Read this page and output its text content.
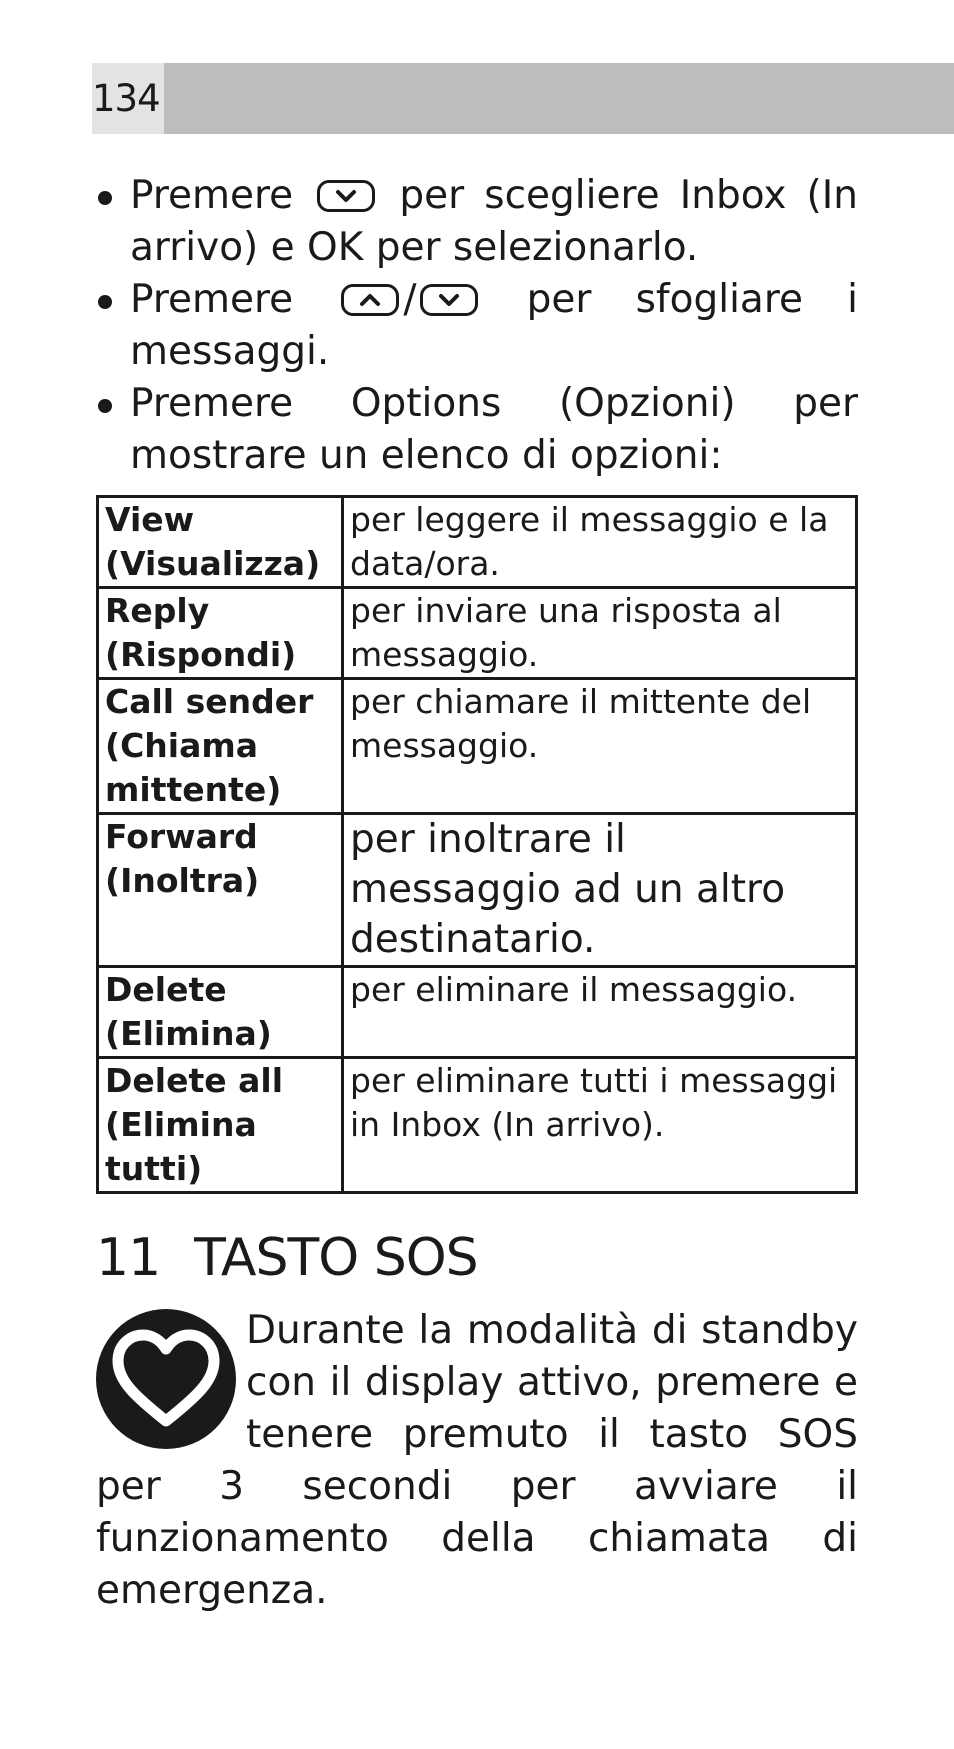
134
Premere
per scegliere Inbox (In arrivo) e OK per selezionarlo.
Premere	/
per sfogliare i messaggi.
Premere Options (Opzioni) per mostrare un elenco di opzioni:
View (Visualizza)	per leggere il messaggio e la data/ora.
Reply (Rispondi)	per inviare una risposta al messaggio.
Call sender (Chiama mittente)	per chiamare il mittente del messaggio.
Forward (Inoltra)	per inoltrare il messaggio ad un altro destinatario.
Delete (Elimina)	per eliminare il messaggio.
Delete all (Elimina tutti)	per eliminare tutti i messaggi in Inbox (In arrivo).
11 TASTO SOS

Durante la modalità di standby con il display attivo, premere e tenere premuto il tasto SOS per 3 secondi per avviare il funzionamento della chiamata di emergenza.
